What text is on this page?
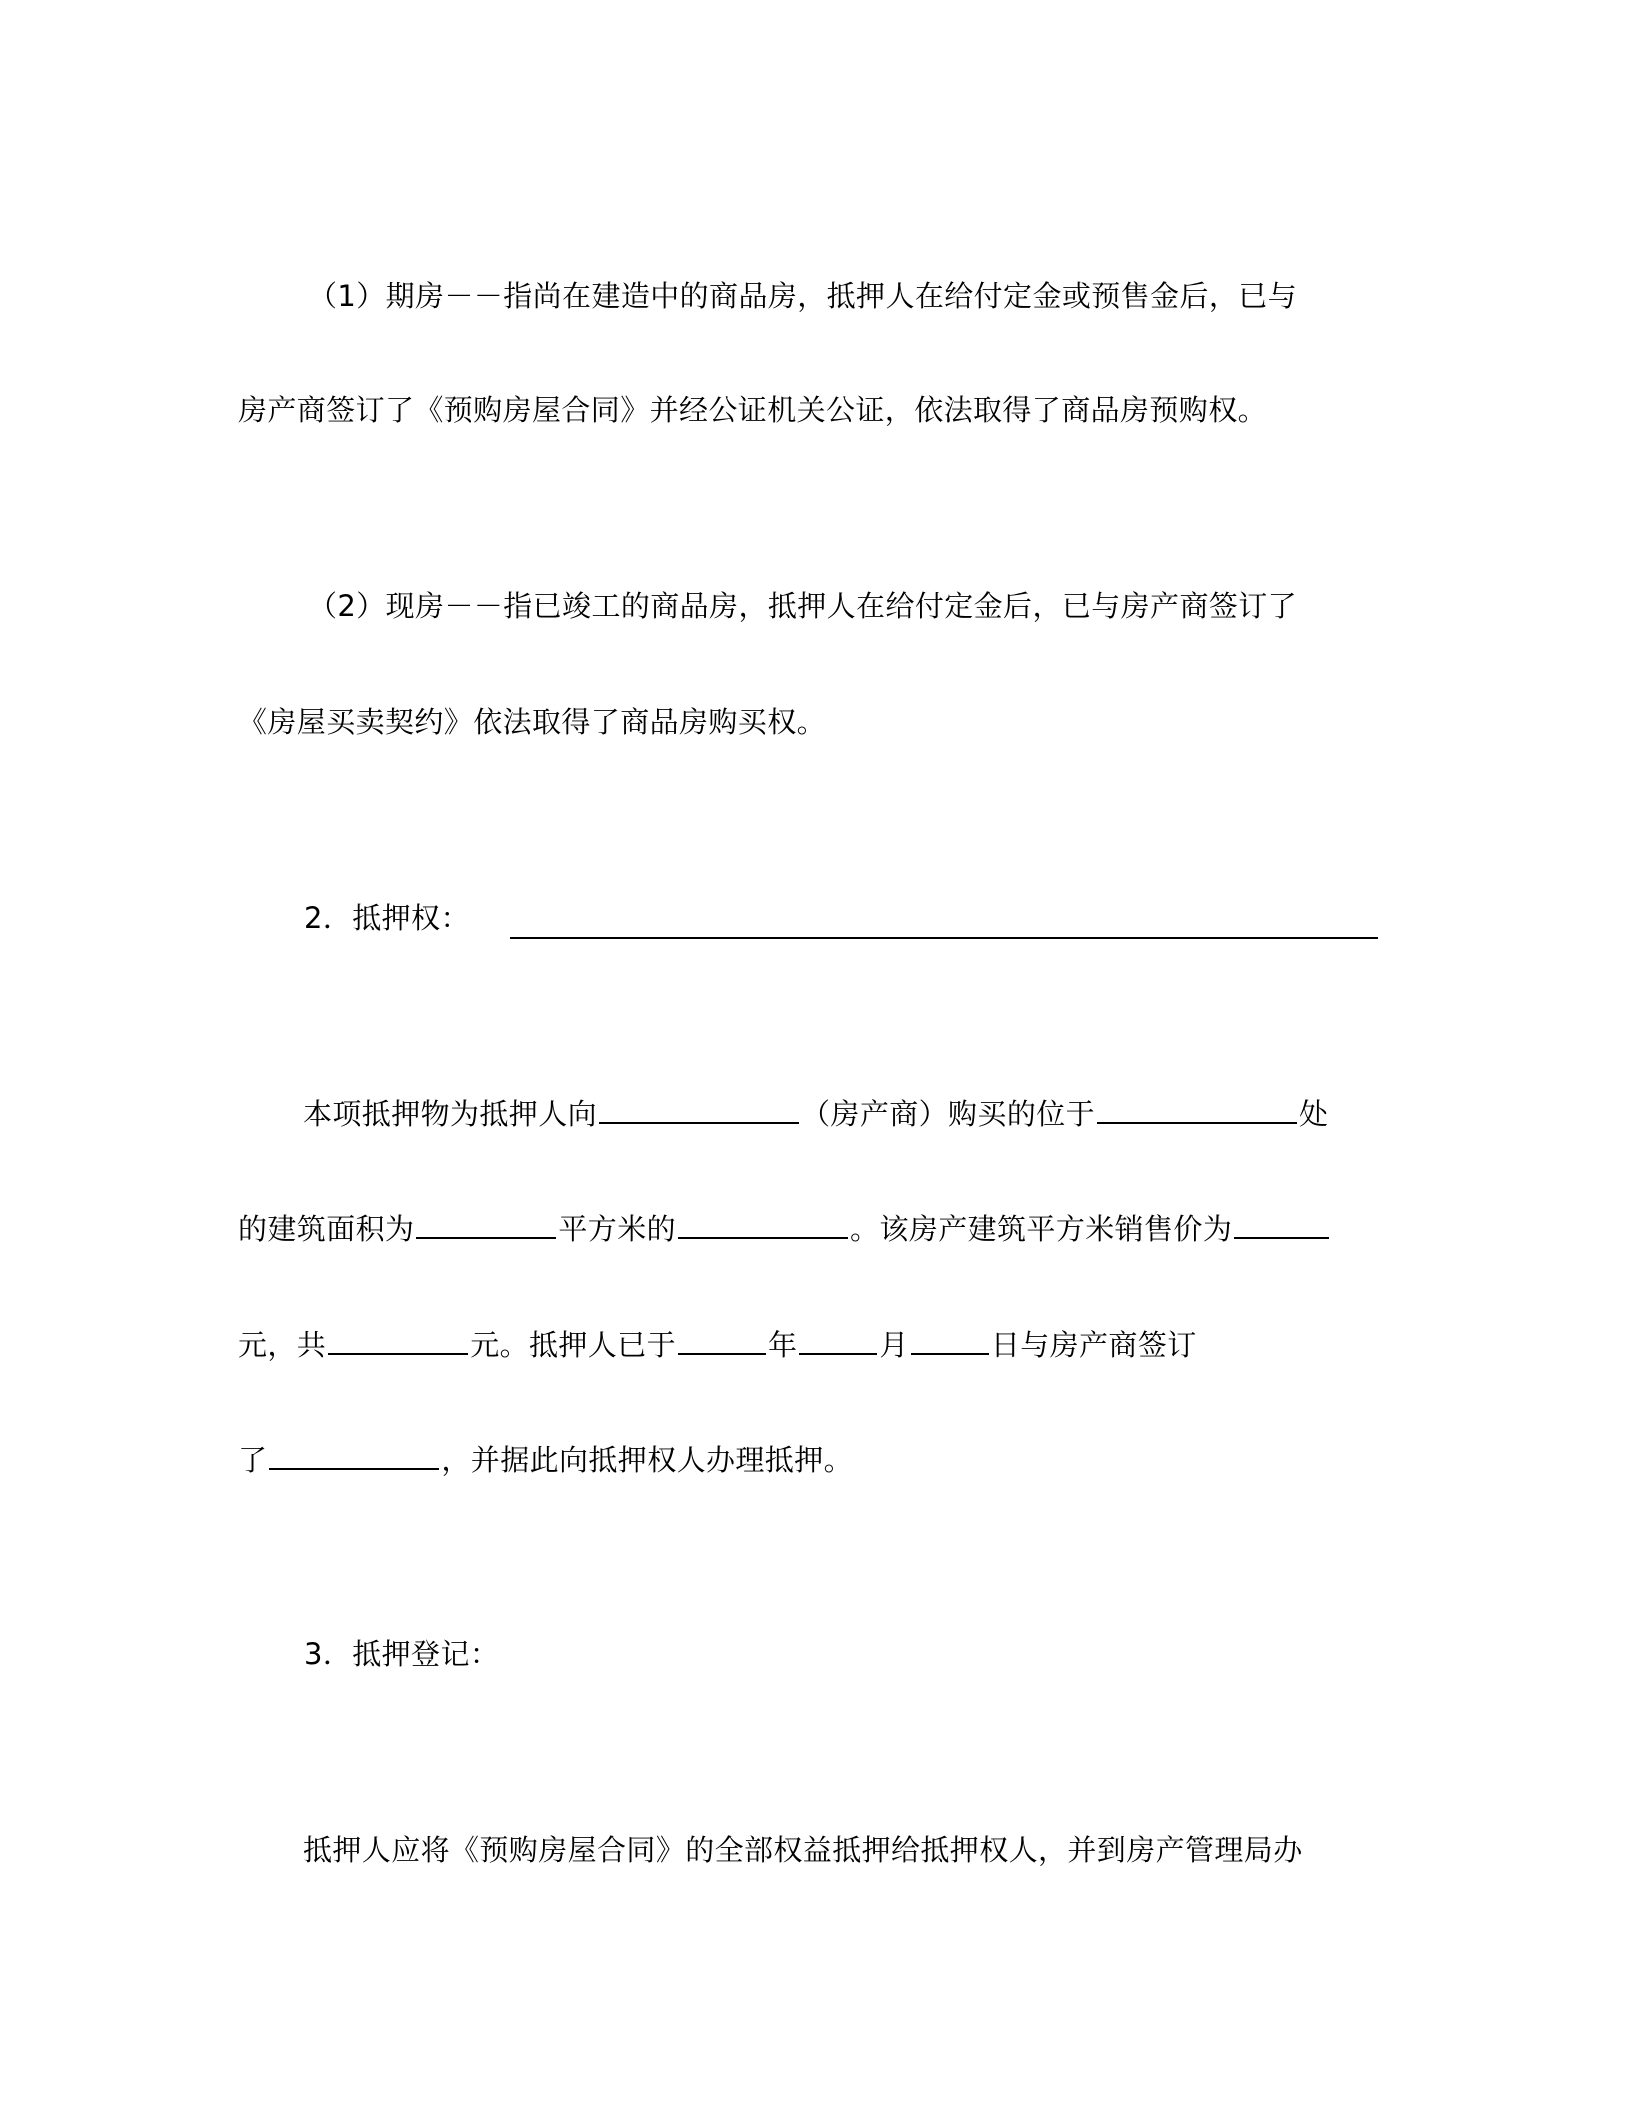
（1）期房－－指尚在建造中的商品房，抵押人在给付定金或预售金后，已与
房产商签订了《预购房屋合同》并经公证机关公证，依法取得了商品房预购权。
（2）现房－－指已竣工的商品房，抵押人在给付定金后，已与房产商签订了
《房屋买卖契约》依法取得了商品房购买权。
2．抵押权：
本项抵押物为抵押人向	（房产商）购买的位于	处
的建筑面积为	平方米的	。该房产建筑平方米销售价为
元，共	元。抵押人已于	年	月	日与房产商签订
了	，并据此向抵押权人办理抵押。
3．抵押登记：
抵押人应将《预购房屋合同》的全部权益抵押给抵押权人，并到房产管理局办
